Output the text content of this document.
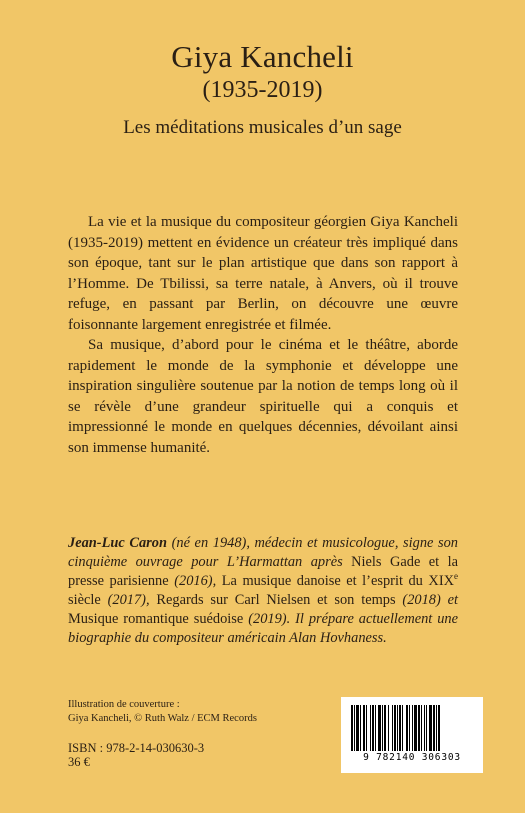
Giya Kancheli
(1935-2019)
Les méditations musicales d’un sage

La vie et la musique du compositeur géorgien Giya Kancheli (1935-2019) mettent en évidence un créateur très impliqué dans son époque, tant sur le plan artistique que dans son rapport à l’Homme. De Tbilissi, sa terre natale, à Anvers, où il trouve refuge, en passant par Berlin, on découvre une œuvre foisonnante largement enregistrée et filmée.

Sa musique, d’abord pour le cinéma et le théâtre, aborde rapidement le monde de la symphonie et développe une inspiration singulière soutenue par la notion de temps long où il se révèle d’une grandeur spirituelle qui a conquis et impressionné le monde en quelques décennies, dévoilant ainsi son immense humanité.

Jean-Luc Caron (né en 1948), médecin et musicologue, signe son cinquième ouvrage pour L’Harmattan après Niels Gade et la presse parisienne (2016), La musique danoise et l’esprit du XIXe siècle (2017), Regards sur Carl Nielsen et son temps (2018) et Musique romantique suédoise (2019). Il prépare actuellement une biographie du compositeur américain Alan Hovhaness.

Illustration de couverture :
Giya Kancheli, © Ruth Walz / ECM Records
ISBN : 978-2-14-030630-3
36 €	9 782140 306303
